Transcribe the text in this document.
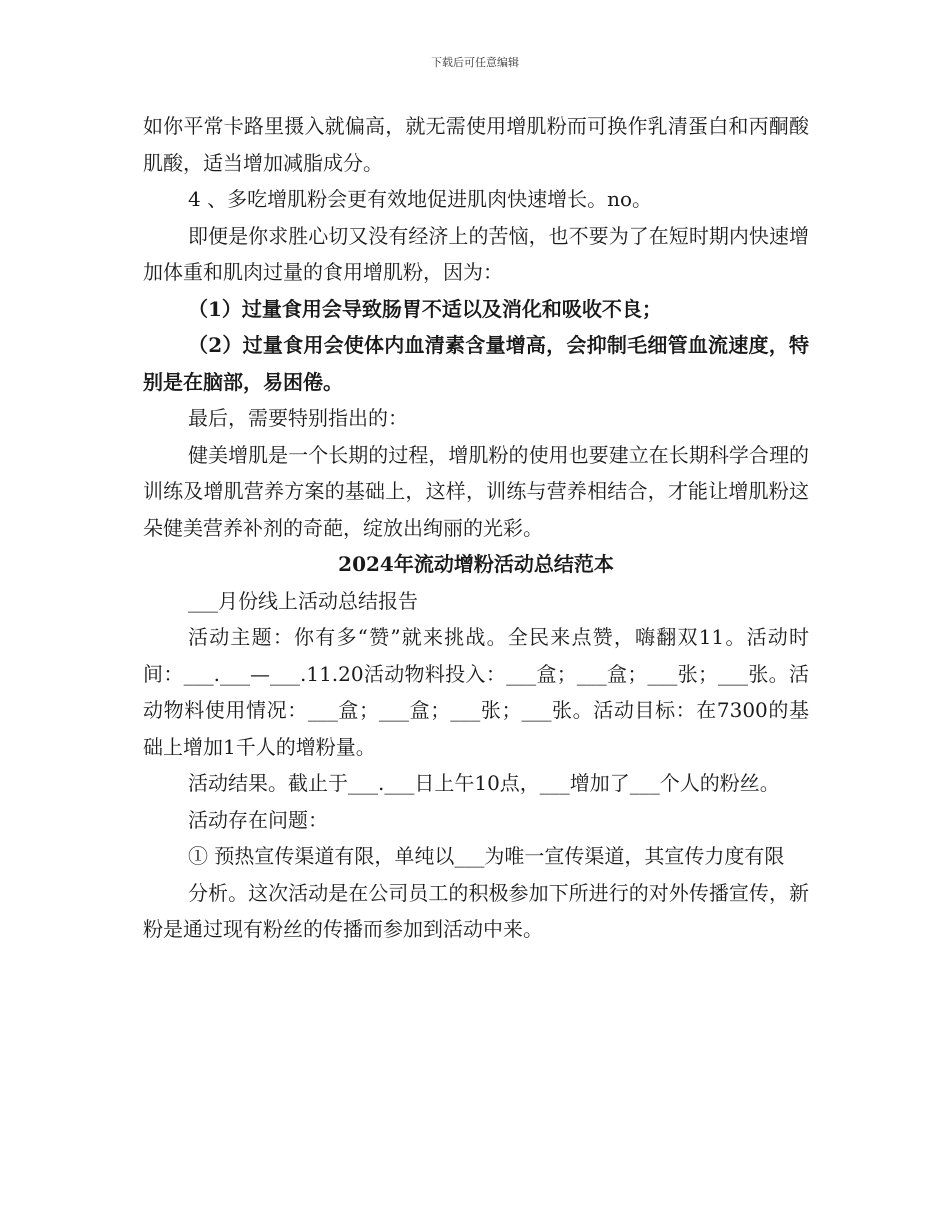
下载后可任意编辑

如你平常卡路里摄入就偏高，就无需使用增肌粉而可换作乳清蛋白和丙酮酸肌酸，适当增加减脂成分。

4 、多吃增肌粉会更有效地促进肌肉快速增长。no。

即便是你求胜心切又没有经济上的苦恼，也不要为了在短时期内快速增加体重和肌肉过量的食用增肌粉，因为：

（1）过量食用会导致肠胃不适以及消化和吸收不良；

（2）过量食用会使体内血清素含量增高，会抑制毛细管血流速度，特别是在脑部，易困倦。

最后，需要特别指出的：

健美增肌是一个长期的过程，增肌粉的使用也要建立在长期科学合理的训练及增肌营养方案的基础上，这样，训练与营养相结合，才能让增肌粉这朵健美营养补剂的奇葩，绽放出绚丽的光彩。

2024年流动增粉活动总结范本

___月份线上活动总结报告

活动主题：你有多“赞”就来挑战。全民来点赞，嗨翻双11。活动时间：___.___—___.11.20活动物料投入：___盒；___盒；___张；___张。活动物料使用情况：___盒；___盒；___张；___张。活动目标：在7300的基础上增加1千人的增粉量。

活动结果。截止于___.___日上午10点，___增加了___个人的粉丝。

活动存在问题：

① 预热宣传渠道有限，单纯以___为唯一宣传渠道，其宣传力度有限

分析。这次活动是在公司员工的积极参加下所进行的对外传播宣传，新粉是通过现有粉丝的传播而参加到活动中来。
